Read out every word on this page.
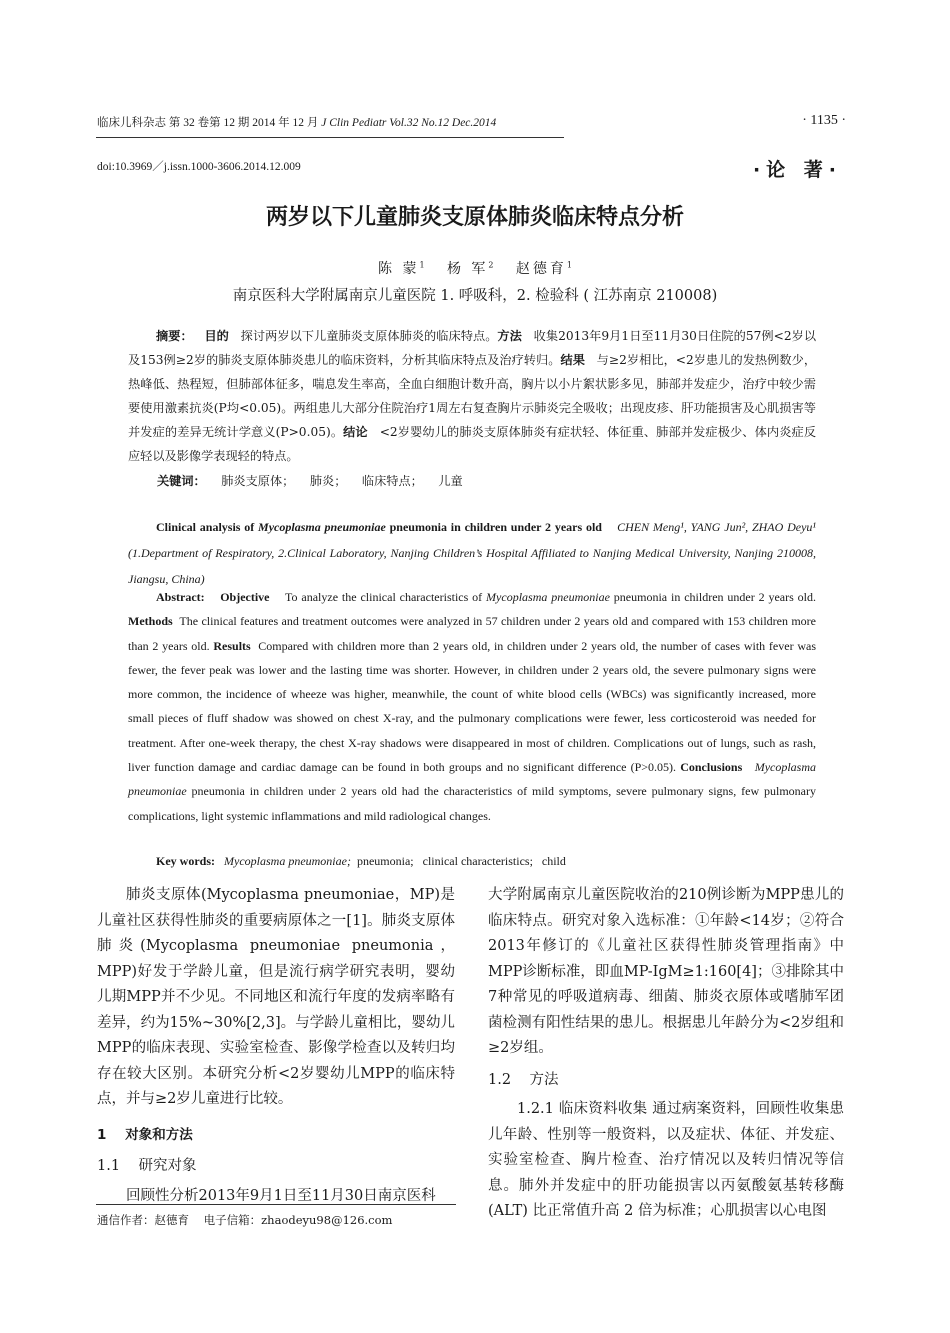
临床儿科杂志 第 32 卷第 12 期 2014 年 12 月 J Clin Pediatr Vol.32 No.12 Dec.2014	· 1135 ·
doi:10.3969／j.issn.1000-3606.2014.12.009	·论 著·
两岁以下儿童肺炎支原体肺炎临床特点分析
陈 蒙$^1$ 杨 军$^2$ 赵德育$^1$
南京医科大学附属南京儿童医院 1. 呼吸科，2. 检验科 ( 江苏南京 210008)
摘要： 目的 探讨两岁以下儿童肺炎支原体肺炎的临床特点。方法 收集2013年9月1日至11月30日住院的57例<2岁以及153例≥2岁的肺炎支原体肺炎患儿的临床资料，分析其临床特点及治疗转归。结果 与≥2岁相比，<2岁患儿的发热例数少，热峰低、热程短，但肺部体征多，喘息发生率高，全血白细胞计数升高，胸片以小片絮状影多见，肺部并发症少，治疗中较少需要使用激素抗炎(P均<0.05)。两组患儿大部分住院治疗1周左右复查胸片示肺炎完全吸收；出现皮疹、肝功能损害及心肌损害等并发症的差异无统计学意义(P>0.05)。结论 <2岁婴幼儿的肺炎支原体肺炎有症状轻、体征重、肺部并发症极少、体内炎症反应轻以及影像学表现轻的特点。
关键词： 肺炎支原体；    肺炎；    临床特点；    儿童
Clinical analysis of Mycoplasma pneumoniae pneumonia in children under 2 years old CHEN Meng¹, YANG Jun², ZHAO Deyu¹ (1.Department of Respiratory, 2.Clinical Laboratory, Nanjing Children’s Hospital Affiliated to Nanjing Medical University, Nanjing 210008, Jiangsu, China)
Abstract: Objective To analyze the clinical characteristics of Mycoplasma pneumoniae pneumonia in children under 2 years old. Methods The clinical features and treatment outcomes were analyzed in 57 children under 2 years old and compared with 153 children more than 2 years old. Results Compared with children more than 2 years old, in children under 2 years old, the number of cases with fever was fewer, the fever peak was lower and the lasting time was shorter. However, in children under 2 years old, the severe pulmonary signs were more common, the incidence of wheeze was higher, meanwhile, the count of white blood cells (WBCs) was significantly increased, more small pieces of fluff shadow was showed on chest X-ray, and the pulmonary complications were fewer, less corticosteroid was needed for treatment. After one-week therapy, the chest X-ray shadows were disappeared in most of children. Complications out of lungs, such as rash, liver function damage and cardiac damage can be found in both groups and no significant difference (P>0.05). Conclusions Mycoplasma pneumoniae pneumonia in children under 2 years old had the characteristics of mild symptoms, severe pulmonary signs, few pulmonary complications, light systemic inflammations and mild radiological changes.
Key words: Mycoplasma pneumoniae;  pneumonia;   clinical characteristics;   child

肺炎支原体(Mycoplasma pneumoniae，MP)是儿童社区获得性肺炎的重要病原体之一[1]。肺炎支原体肺炎(Mycoplasma pneumoniae pneumonia，MPP)好发于学龄儿童，但是流行病学研究表明，婴幼儿期MPP并不少见。不同地区和流行年度的发病率略有差异，约为15%~30%[2,3]。与学龄儿童相比，婴幼儿MPP的临床表现、实验室检查、影像学检查以及转归均存在较大区别。本研究分析<2岁婴幼儿MPP的临床特点，并与≥2岁儿童进行比较。

1    对象和方法

1.1    研究对象

回顾性分析2013年9月1日至11月30日南京医科

大学附属南京儿童医院收治的210例诊断为MPP患儿的临床特点。研究对象入选标准：①年龄<14岁；②符合2013年修订的《儿童社区获得性肺炎管理指南》中MPP诊断标准，即血MP-IgM≥1:160[4]；③排除其中7种常见的呼吸道病毒、细菌、肺炎衣原体或嗜肺军团菌检测有阳性结果的患儿。根据患儿年龄分为<2岁组和≥2岁组。

1.2    方法

1.2.1 临床资料收集 通过病案资料，回顾性收集患儿年龄、性别等一般资料，以及症状、体征、并发症、实验室检查、胸片检查、治疗情况以及转归情况等信息。肺外并发症中的肝功能损害以丙氨酸氨基转移酶(ALT) 比正常值升高 2 倍为标准；心肌损害以心电图

通信作者：赵德育    电子信箱：zhaodeyu98@126.com
